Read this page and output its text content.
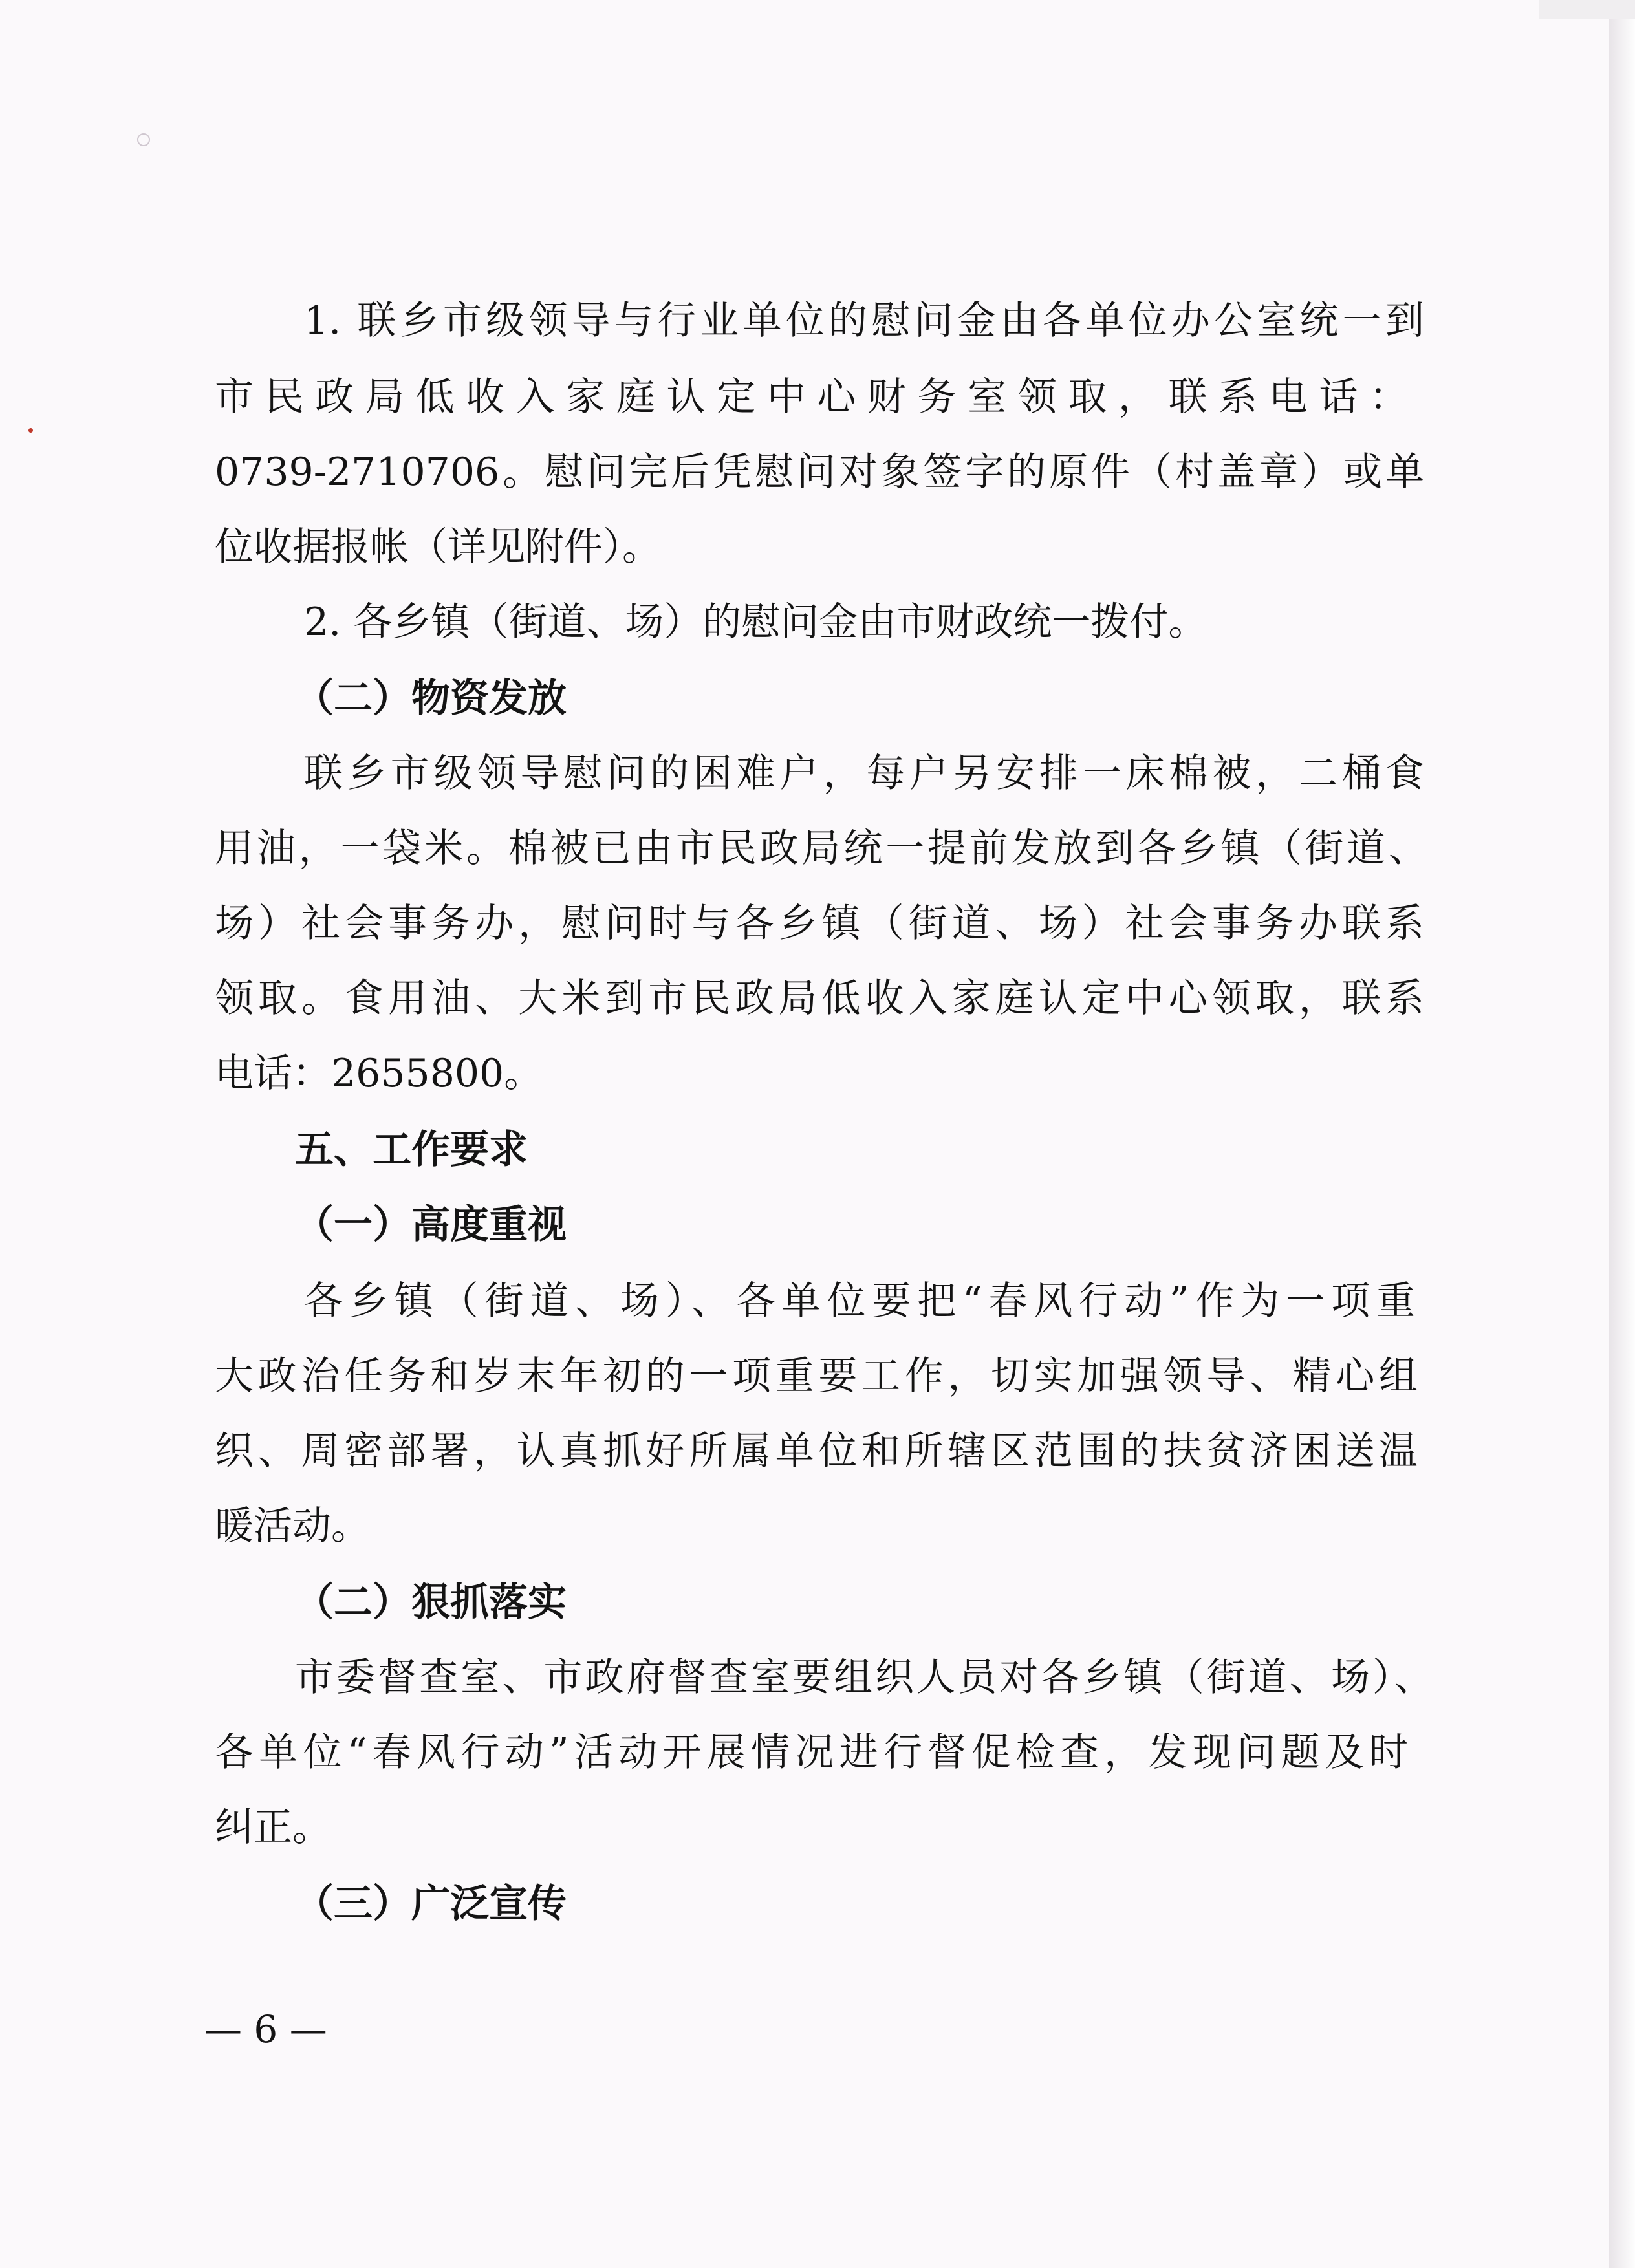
1. 联乡市级领导与行业单位的慰问金由各单位办公室统一到
市民政局低收入家庭认定中心财务室领取，联系电话：
0739-2710706。慰问完后凭慰问对象签字的原件（村盖章）或单
位收据报帐（详见附件）。
2. 各乡镇（街道、场）的慰问金由市财政统一拨付。
（二）物资发放
联乡市级领导慰问的困难户，每户另安排一床棉被，二桶食
用油，一袋米。棉被已由市民政局统一提前发放到各乡镇（街道、
场）社会事务办，慰问时与各乡镇（街道、场）社会事务办联系
领取。食用油、大米到市民政局低收入家庭认定中心领取，联系
电话：2655800。
五、工作要求
（一）高度重视
各乡镇（街道、场）、各单位要把“春风行动”作为一项重
大政治任务和岁末年初的一项重要工作，切实加强领导、精心组
织、周密部署，认真抓好所属单位和所辖区范围的扶贫济困送温
暖活动。
（二）狠抓落实
市委督查室、市政府督查室要组织人员对各乡镇（街道、场）、
各单位“春风行动”活动开展情况进行督促检查，发现问题及时
纠正。
（三）广泛宣传
— 6 —
